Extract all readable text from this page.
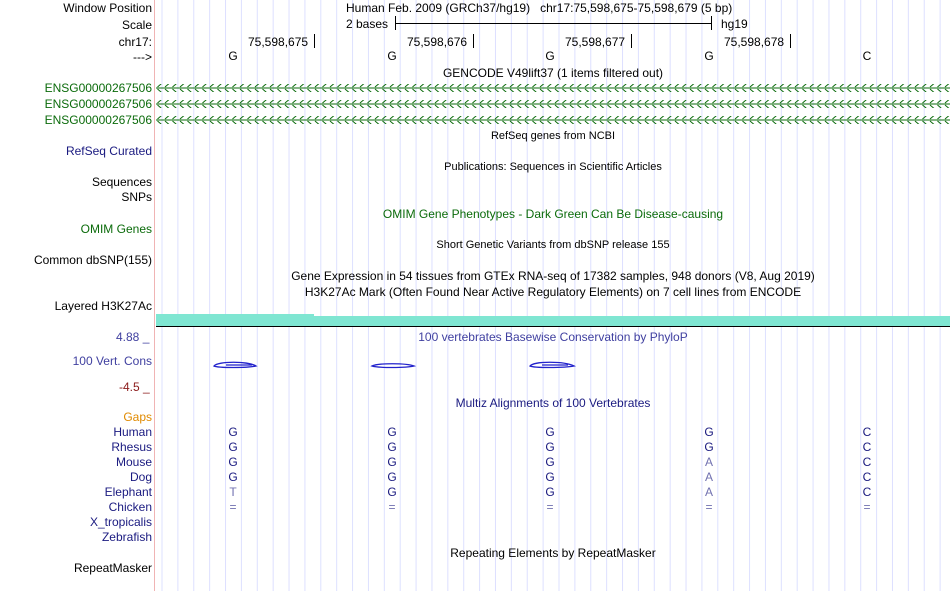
Window Position
Scale
chr17:
--->
Human Feb. 2009 (GRCh37/hg19)   chr17:75,598,675-75,598,679 (5 bp)
2 bases	hg19
75,598,675	75,598,676	75,598,677	75,598,678
G	G	G	G	C
GENCODE V49lift37 (1 items filtered out)
ENSG00000267506
ENSG00000267506
ENSG00000267506
RefSeq genes from NCBI
RefSeq Curated
Publications: Sequences in Scientific Articles
Sequences
SNPs
OMIM Gene Phenotypes - Dark Green Can Be Disease-causing
OMIM Genes
Short Genetic Variants from dbSNP release 155
Common dbSNP(155)
Gene Expression in 54 tissues from GTEx RNA-seq of 17382 samples, 948 donors (V8, Aug 2019)
H3K27Ac Mark (Often Found Near Active Regulatory Elements) on 7 cell lines from ENCODE
Layered H3K27Ac
4.88 _	100 vertebrates Basewise Conservation by PhyloP
100 Vert. Cons
-4.5 _
Multiz Alignments of 100 Vertebrates
Gaps
Human	G	G	G	G	C
Rhesus	G	G	G	G	C
Mouse	G	G	G	A	C
Dog	G	G	G	A	C
Elephant	T	G	G	A	C
Chicken	=	=	=	=	=
X_tropicalis
Zebrafish
Repeating Elements by RepeatMasker
RepeatMasker
